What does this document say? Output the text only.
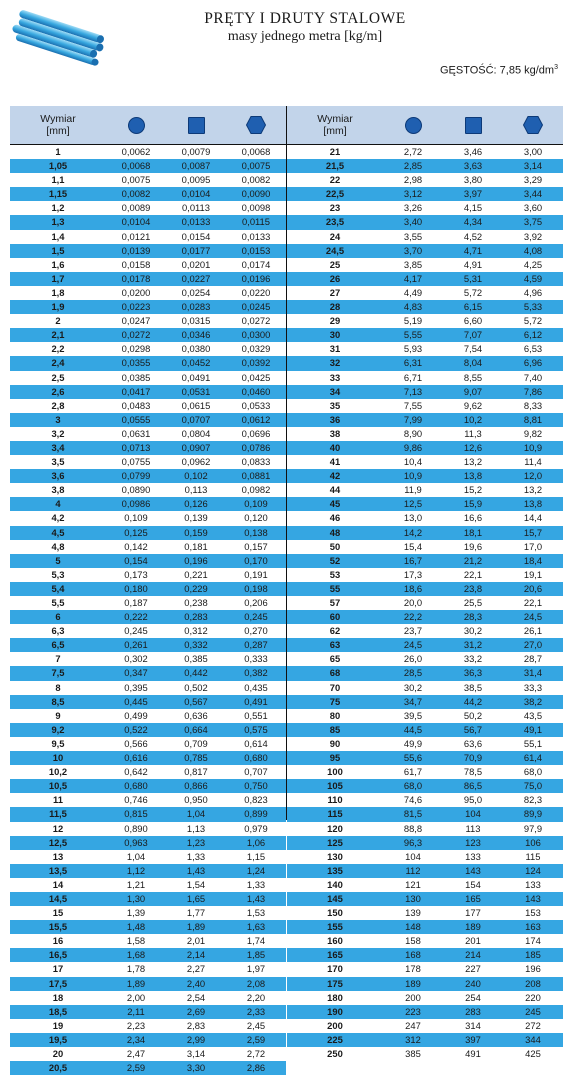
PRĘTY I DRUTY STALOWE
masy jednego metra [kg/m]
GĘSTOŚĆ: 7,85 $kg/dm^3$
Wymiar
[mm]
1	0,0062	0,0079	0,0068
1,05	0,0068	0,0087	0,0075
1,1	0,0075	0,0095	0,0082
1,15	0,0082	0,0104	0,0090
1,2	0,0089	0,0113	0,0098
1,3	0,0104	0,0133	0,0115
1,4	0,0121	0,0154	0,0133
1,5	0,0139	0,0177	0,0153
1,6	0,0158	0,0201	0,0174
1,7	0,0178	0,0227	0,0196
1,8	0,0200	0,0254	0,0220
1,9	0,0223	0,0283	0,0245
2	0,0247	0,0315	0,0272
2,1	0,0272	0,0346	0,0300
2,2	0,0298	0,0380	0,0329
2,4	0,0355	0,0452	0,0392
2,5	0,0385	0,0491	0,0425
2,6	0,0417	0,0531	0,0460
2,8	0,0483	0,0615	0,0533
3	0,0555	0,0707	0,0612
3,2	0,0631	0,0804	0,0696
3,4	0,0713	0,0907	0,0786
3,5	0,0755	0,0962	0,0833
3,6	0,0799	0,102	0,0881
3,8	0,0890	0,113	0,0982
4	0,0986	0,126	0,109
4,2	0,109	0,139	0,120
4,5	0,125	0,159	0,138
4,8	0,142	0,181	0,157
5	0,154	0,196	0,170
5,3	0,173	0,221	0,191
5,4	0,180	0,229	0,198
5,5	0,187	0,238	0,206
6	0,222	0,283	0,245
6,3	0,245	0,312	0,270
6,5	0,261	0,332	0,287
7	0,302	0,385	0,333
7,5	0,347	0,442	0,382
8	0,395	0,502	0,435
8,5	0,445	0,567	0,491
9	0,499	0,636	0,551
9,2	0,522	0,664	0,575
9,5	0,566	0,709	0,614
10	0,616	0,785	0,680
10,2	0,642	0,817	0,707
10,5	0,680	0,866	0,750
11	0,746	0,950	0,823
11,5	0,815	1,04	0,899
12	0,890	1,13	0,979
12,5	0,963	1,23	1,06
13	1,04	1,33	1,15
13,5	1,12	1,43	1,24
14	1,21	1,54	1,33
14,5	1,30	1,65	1,43
15	1,39	1,77	1,53
15,5	1,48	1,89	1,63
16	1,58	2,01	1,74
16,5	1,68	2,14	1,85
17	1,78	2,27	1,97
17,5	1,89	2,40	2,08
18	2,00	2,54	2,20
18,5	2,11	2,69	2,33
19	2,23	2,83	2,45
19,5	2,34	2,99	2,59
20	2,47	3,14	2,72
20,5	2,59	3,30	2,86
Wymiar
[mm]
21	2,72	3,46	3,00
21,5	2,85	3,63	3,14
22	2,98	3,80	3,29
22,5	3,12	3,97	3,44
23	3,26	4,15	3,60
23,5	3,40	4,34	3,75
24	3,55	4,52	3,92
24,5	3,70	4,71	4,08
25	3,85	4,91	4,25
26	4,17	5,31	4,59
27	4,49	5,72	4,96
28	4,83	6,15	5,33
29	5,19	6,60	5,72
30	5,55	7,07	6,12
31	5,93	7,54	6,53
32	6,31	8,04	6,96
33	6,71	8,55	7,40
34	7,13	9,07	7,86
35	7,55	9,62	8,33
36	7,99	10,2	8,81
38	8,90	11,3	9,82
40	9,86	12,6	10,9
41	10,4	13,2	11,4
42	10,9	13,8	12,0
44	11,9	15,2	13,2
45	12,5	15,9	13,8
46	13,0	16,6	14,4
48	14,2	18,1	15,7
50	15,4	19,6	17,0
52	16,7	21,2	18,4
53	17,3	22,1	19,1
55	18,6	23,8	20,6
57	20,0	25,5	22,1
60	22,2	28,3	24,5
62	23,7	30,2	26,1
63	24,5	31,2	27,0
65	26,0	33,2	28,7
68	28,5	36,3	31,4
70	30,2	38,5	33,3
75	34,7	44,2	38,2
80	39,5	50,2	43,5
85	44,5	56,7	49,1
90	49,9	63,6	55,1
95	55,6	70,9	61,4
100	61,7	78,5	68,0
105	68,0	86,5	75,0
110	74,6	95,0	82,3
115	81,5	104	89,9
120	88,8	113	97,9
125	96,3	123	106
130	104	133	115
135	112	143	124
140	121	154	133
145	130	165	143
150	139	177	153
155	148	189	163
160	158	201	174
165	168	214	185
170	178	227	196
175	189	240	208
180	200	254	220
190	223	283	245
200	247	314	272
225	312	397	344
250	385	491	425
